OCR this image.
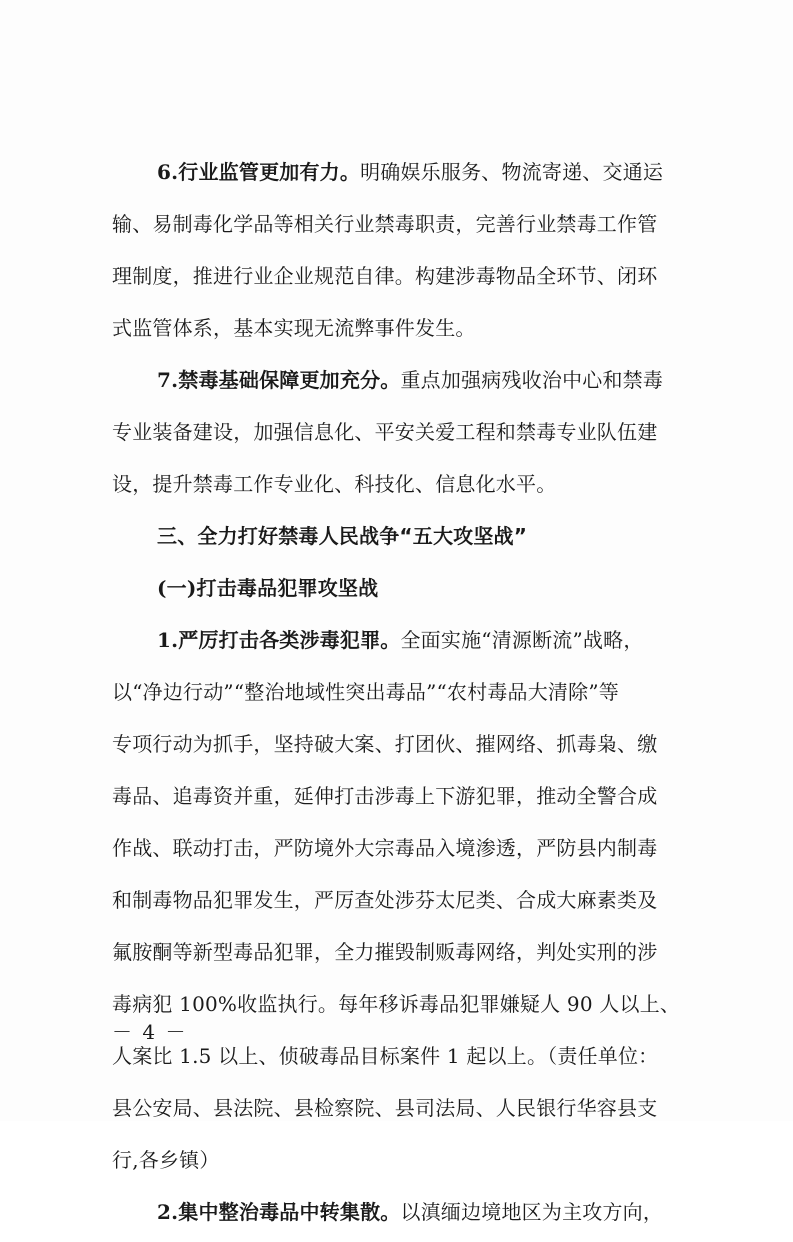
6.行业监管更加有力。明确娱乐服务、物流寄递、交通运
输、易制毒化学品等相关行业禁毒职责，完善行业禁毒工作管
理制度，推进行业企业规范自律。构建涉毒物品全环节、闭环
式监管体系，基本实现无流弊事件发生。
7.禁毒基础保障更加充分。重点加强病残收治中心和禁毒
专业装备建设，加强信息化、平安关爱工程和禁毒专业队伍建
设，提升禁毒工作专业化、科技化、信息化水平。
三、全力打好禁毒人民战争“五大攻坚战”
(一)打击毒品犯罪攻坚战
1.严厉打击各类涉毒犯罪。全面实施“清源断流”战略，
以“净边行动”“整治地域性突出毒品”“农村毒品大清除”等
专项行动为抓手，坚持破大案、打团伙、摧网络、抓毒枭、缴
毒品、追毒资并重，延伸打击涉毒上下游犯罪，推动全警合成
作战、联动打击，严防境外大宗毒品入境渗透，严防县内制毒
和制毒物品犯罪发生，严厉查处涉芬太尼类、合成大麻素类及
氟胺酮等新型毒品犯罪，全力摧毁制贩毒网络，判处实刑的涉
毒病犯 100%收监执行。每年移诉毒品犯罪嫌疑人 90 人以上、
人案比 1.5 以上、侦破毒品目标案件 1 起以上。（责任单位：
县公安局、县法院、县检察院、县司法局、人民银行华容县支
行,各乡镇）
2.集中整治毒品中转集散。以滇缅边境地区为主攻方向，
－ 4 －
